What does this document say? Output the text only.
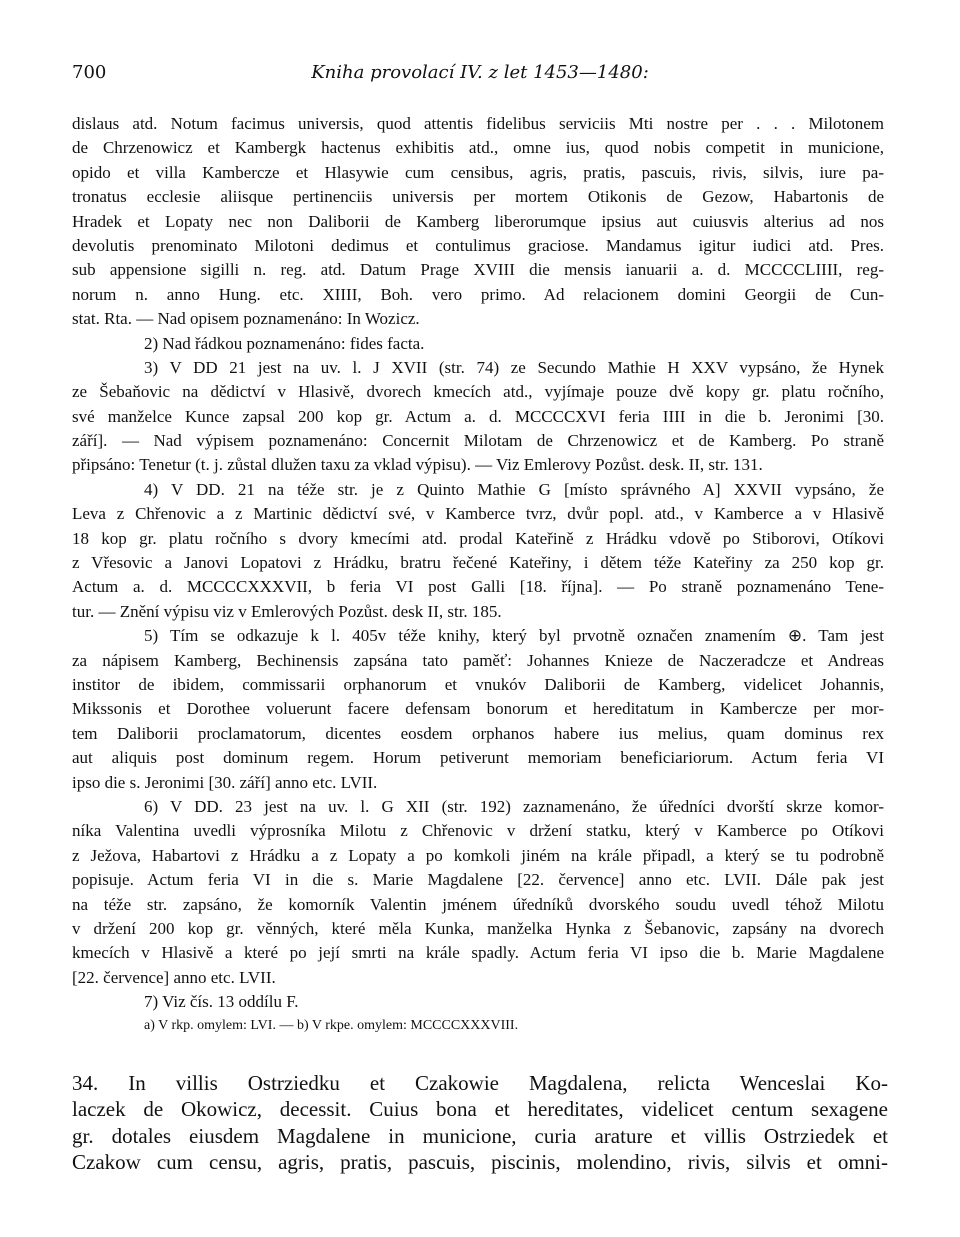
700	Kniha provolací IV. z let 1453—1480:
dislaus atd. Notum facimus universis, quod attentis fidelibus serviciis Mti nostre per . . . Milotonem
de Chrzenowicz et Kambergk hactenus exhibitis atd., omne ius, quod nobis competit in municione,
opido et villa Kambercze et Hlasywie cum censibus, agris, pratis, pascuis, rivis, silvis, iure pa-
tronatus ecclesie aliisque pertinenciis universis per mortem Otikonis de Gezow, Habartonis de
Hradek et Lopaty nec non Daliborii de Kamberg liberorumque ipsius aut cuiusvis alterius ad nos
devolutis prenominato Milotoni dedimus et contulimus graciose. Mandamus igitur iudici atd. Pres.
sub appensione sigilli n. reg. atd. Datum Prage XVIII die mensis ianuarii a. d. MCCCCLIIII, reg-
norum n. anno Hung. etc. XIIII, Boh. vero primo. Ad relacionem domini Georgii de Cun-
stat. Rta. — Nad opisem poznamenáno: In Wozicz.
2) Nad řádkou poznamenáno: fides facta.
3) V DD 21 jest na uv. l. J XVII (str. 74) ze Secundo Mathie H XXV vypsáno, že Hynek
ze Šebaňovic na dědictví v Hlasivě, dvorech kmecích atd., vyjímaje pouze dvě kopy gr. platu ročního,
své manželce Kunce zapsal 200 kop gr. Actum a. d. MCCCCXVI feria IIII in die b. Jeronimi [30.
září]. — Nad výpisem poznamenáno: Concernit Milotam de Chrzenowicz et de Kamberg. Po straně
připsáno: Tenetur (t. j. zůstal dlužen taxu za vklad výpisu). — Viz Emlerovy Pozůst. desk. II, str. 131.
4) V DD. 21 na téže str. je z Quinto Mathie G [místo správného A] XXVII vypsáno, že
Leva z Chřenovic a z Martinic dědictví své, v Kamberce tvrz, dvůr popl. atd., v Kamberce a v Hlasivě
18 kop gr. platu ročního s dvory kmecími atd. prodal Kateřině z Hrádku vdově po Stiborovi, Otíkovi
z Vřesovic a Janovi Lopatovi z Hrádku, bratru řečené Kateřiny, i dětem téže Kateřiny za 250 kop gr.
Actum a. d. MCCCCXXXVII, b feria VI post Galli [18. října]. — Po straně poznamenáno Tene-
tur. — Znění výpisu viz v Emlerových Pozůst. desk II, str. 185.
5) Tím se odkazuje k l. 405v téže knihy, který byl prvotně označen znamením ⊕. Tam jest
za nápisem Kamberg, Bechinensis zapsána tato paměť: Johannes Knieze de Naczeradcze et Andreas
institor de ibidem, commissarii orphanorum et vnukóv Daliborii de Kamberg, videlicet Johannis,
Mikssonis et Dorothee voluerunt facere defensam bonorum et hereditatum in Kamberczе per mor-
tem Daliborii proclamatorum, dicentes eosdem orphanos habere ius melius, quam dominus rex
aut aliquis post dominum regem. Horum petiverunt memoriam beneficiariorum. Actum feria VI
ipso die s. Jeronimi [30. září] anno etc. LVII.
6) V DD. 23 jest na uv. l. G XII (str. 192) zaznamenáno, že úředníci dvorští skrze komor-
níka Valentina uvedli výprosníka Milotu z Chřenovic v držení statku, který v Kamberce po Otíkovi
z Ježova, Habartovi z Hrádku a z Lopaty a po komkoli jiném na krále připadl, a který se tu podrobně
popisuje. Actum feria VI in die s. Marie Magdalene [22. července] anno etc. LVII. Dále pak jest
na téže str. zapsáno, že komorník Valentin jménem úředníků dvorského soudu uvedl téhož Milotu
v držení 200 kop gr. věnných, které měla Kunka, manželka Hynka z Šebanovic, zapsány na dvorech
kmecích v Hlasivě a které po její smrti na krále spadly. Actum feria VI ipso die b. Marie Magdalene
[22. července] anno etc. LVII.
7) Viz čís. 13 oddílu F.
a) V rkp. omylem: LVI. — b) V rkpe. omylem: MCCCCXXXVIII.
34. In villis Ostrziedku et Czakowie Magdalena, relicta Wenceslai Ko-
laczek de Okowicz, decessit. Cuius bona et hereditates, videlicet centum sexagene
gr. dotales eiusdem Magdalene in municione, curia arature et villis Ostrziedek et
Czakow cum censu, agris, pratis, pascuis, piscinis, molendino, rivis, silvis et omni-
